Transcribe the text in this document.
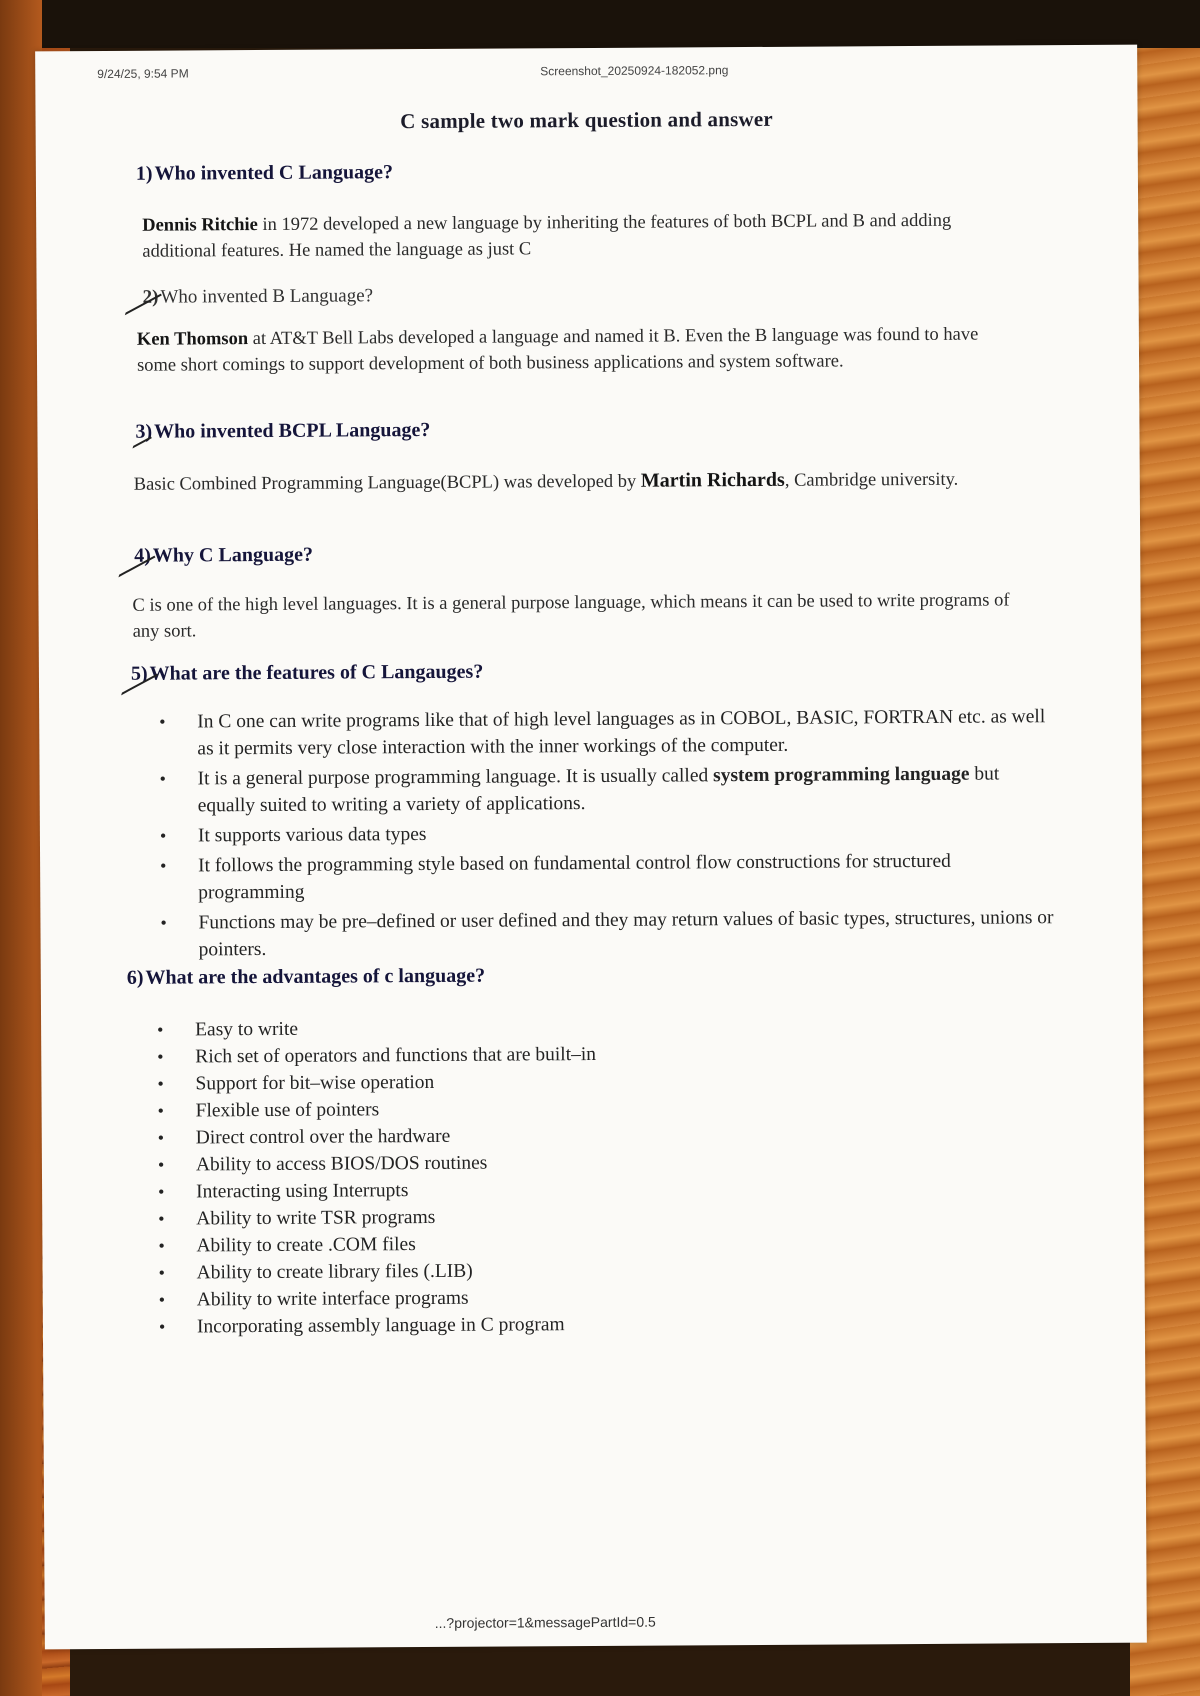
9/24/25, 9:54 PM	Screenshot_20250924-182052.png
C sample two mark question and answer
1)Who invented C Language?
Dennis Ritchie in 1972 developed a new language by inheriting the features of both BCPL and B and adding additional features. He named the language as just C
2)Who invented B Language?
Ken Thomson at AT&T Bell Labs developed a language and named it B. Even the B language was found to have some short comings to support development of both business applications and system software.
3)Who invented BCPL Language?
Basic Combined Programming Language(BCPL) was developed by Martin Richards, Cambridge university.
4)Why C Language?
C is one of the high level languages. It is a general purpose language, which means it can be used to write programs of any sort.
5)What are the features of C Langauges?
• In C one can write programs like that of high level languages as in COBOL, BASIC, FORTRAN etc. as well as it permits very close interaction with the inner workings of the computer.
• It is a general purpose programming language. It is usually called system programming language but equally suited to writing a variety of applications.
• It supports various data types
• It follows the programming style based on fundamental control flow constructions for structured programming
• Functions may be pre–defined or user defined and they may return values of basic types, structures, unions or pointers.
6)What are the advantages of c language?
• Easy to write
• Rich set of operators and functions that are built–in
• Support for bit–wise operation
• Flexible use of pointers
• Direct control over the hardware
• Ability to access BIOS/DOS routines
• Interacting using Interrupts
• Ability to write TSR programs
• Ability to create .COM files
• Ability to create library files (.LIB)
• Ability to write interface programs
• Incorporating assembly language in C program
...?projector=1&messagePartId=0.5
